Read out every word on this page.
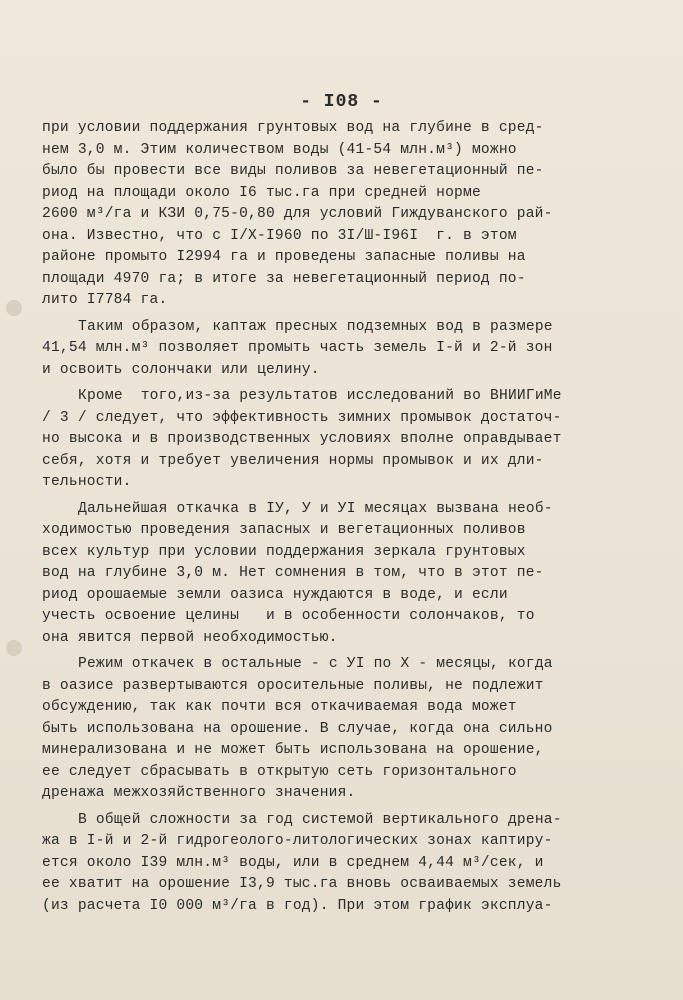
- I08 -
при условии поддержания грунтовых вод на глубине в сред-
нем 3,0 м. Этим количеством воды (41-54 млн.м³) можно
было бы провести все виды поливов за невегетационный пе-
риод на площади около I6 тыс.га при средней норме
2600 м³/га и КЗИ 0,75-0,80 для условий Гиждуванского рай-
она. Известно, что с I/Х-I960 по 3I/Ш-I96I  г. в этом
районе промыто I2994 га и проведены запасные поливы на
площади 4970 га; в итоге за невегетационный период по-
лито I7784 га.
Таким образом, каптаж пресных подземных вод в размере
41,54 млн.м³ позволяет промыть часть земель I-й и 2-й зон
и освоить солончаки или целину.
Кроме  того,из-за результатов исследований во ВНИИГиМе
/ 3 / следует, что эффективность зимних промывок достаточ-
но высока и в производственных условиях вполне оправдывает
себя, хотя и требует увеличения нормы промывок и их дли-
тельности.
Дальнейшая откачка в IУ, У и УI месяцах вызвана необ-
ходимостью проведения запасных и вегетационных поливов
всех культур при условии поддержания зеркала грунтовых
вод на глубине 3,0 м. Нет сомнения в том, что в этот пе-
риод орошаемые земли оазиса нуждаются в воде, и если
учесть освоение целины   и в особенности солончаков, то
она явится первой необходимостью.
Режим откачек в остальные - с УI по Х - месяцы, когда
в оазисе развертываются оросительные поливы, не подлежит
обсуждению, так как почти вся откачиваемая вода может
быть использована на орошение. В случае, когда она сильно
минерализована и не может быть использована на орошение,
ее следует сбрасывать в открытую сеть горизонтального
дренажа межхозяйственного значения.
В общей сложности за год системой вертикального дрена-
жа в I-й и 2-й гидрогеолого-литологических зонах каптиру-
ется около I39 млн.м³ воды, или в среднем 4,44 м³/сек, и
ее хватит на орошение I3,9 тыс.га вновь осваиваемых земель
(из расчета I0 000 м³/га в год). При этом график эксплуа-
